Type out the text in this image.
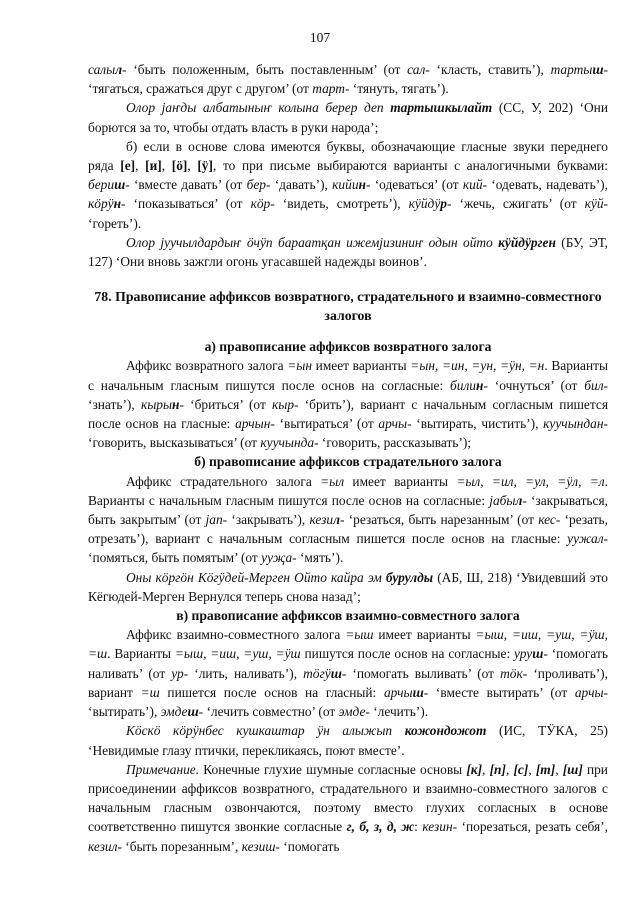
107

салыл- ‘быть положенным, быть поставленным’ (от сал- ‘класть, ставить’), тартыш- ‘тягаться, сражаться друг с другом’ (от тарт- ‘тянуть, тягать’).

Олор jаҥды албатыныҥ колына берер деп тартышкылайт (СС, У, 202) ‘Они борются за то, чтобы отдать власть в руки народа’;

б) если в основе слова имеются буквы, обозначающие гласные звуки переднего ряда [е], [и], [ӧ], [ӱ], то при письме выбираются варианты с аналогичными буквами: бериш- ‘вместе давать’ (от бер- ‘давать’), кийин- ‘одеваться’ (от кий- ‘одевать, надевать’), кӧрӱн- ‘показываться’ (от кӧр- ‘видеть, смотреть’), кӱйдӱр- ‘жечь, сжигать’ (от кӱй- ‘гореть’).

Олор jуучылдардыҥ ӧчӱп бараатқан ижемjизиниҥ одын ойто кӱйдӱрген (БУ, ЭТ, 127) ‘Они вновь зажгли огонь угасавшей надежды воинов’.

78. Правописание аффиксов возвратного, страдательного и взаимно-совместного залогов

а) правописание аффиксов возвратного залога

Аффикс возвратного залога =ын имеет варианты =ын, =ин, =ун, =ӱн, =н. Варианты с начальным гласным пишутся после основ на согласные: билин- ‘очнуться’ (от бил- ‘знать’), кырын- ‘бриться’ (от кыр- ‘брить’), вариант с начальным согласным пишется после основ на гласные: арчын- ‘вытираться’ (от арчы- ‘вытирать, чистить’), куучындан- ‘говорить, высказываться’ (от куучында- ‘говорить, рассказывать’);

б) правописание аффиксов страдательного залога

Аффикс страдательного залога =ыл имеет варианты =ыл, =ил, =ул, =ӱл, =л. Варианты с начальным гласным пишутся после основ на согласные: jабыл- ‘закрываться, быть закрытым’ (от jап- ‘закрывать’), кезил- ‘резаться, быть нарезанным’ (от кес- ‘резать, отрезать’), вариант с начальным согласным пишется после основ на гласные: уужал- ‘помяться, быть помятым’ (от ууҗа- ‘мять’).

Оны кӧргӧн Кӧгӱдей-Мерген Ойто кайра эм бурулды (АБ, Ш, 218) ‘Увидевший это Кёгюдей-Мерген Вернулся теперь снова назад’;

в) правописание аффиксов взаимно-совместного залога

Аффикс взаимно-совместного залога =ыш имеет варианты =ыш, =иш, =уш, =ӱш, =ш. Варианты =ыш, =иш, =уш, =ӱш пишутся после основ на согласные: уруш- ‘помогать наливать’ (от ур- ‘лить, наливать’), тӧгӱш- ‘помогать выливать’ (от тӧк- ‘проливать’), вариант =ш пишется после основ на гласный: арчыш- ‘вместе вытирать’ (от арчы- ‘вытирать’), эмдеш- ‘лечить совместно’ (от эмде- ‘лечить’).

Кӧскӧ кӧрӱнбес кушкаштар ӱн алыжып кожондожот (ИС, ТӰКА, 25) ‘Невидимые глазу птички, перекликаясь, поют вместе’.

Примечание. Конечные глухие шумные согласные основы [к], [п], [с], [т], [ш] при присоединении аффиксов возвратного, страдательного и взаимно-совместного залогов с начальным гласным озвончаются, поэтому вместо глухих согласных в основе соответственно пишутся звонкие согласные г, б, з, д, ж: кезин- ‘порезаться, резать себя’, кезил- ‘быть порезанным’, кезиш- ‘помогать
